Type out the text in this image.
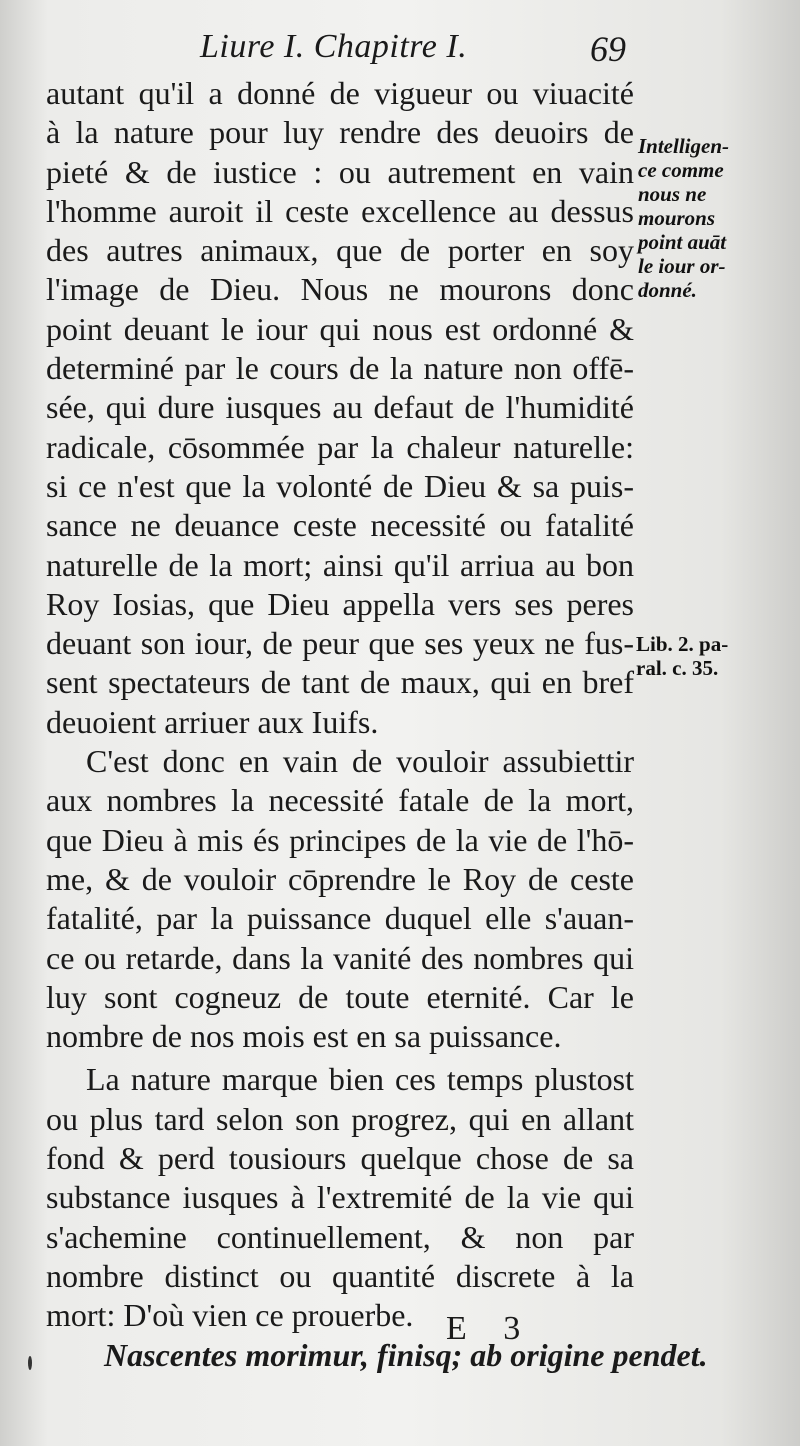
Liure I. Chapitre I.	69
autant qu'il a donné de vigueur ou viuacité
à la nature pour luy rendre des deuoirs de
pieté & de iustice : ou autrement en vain
l'homme auroit il ceste excellence au dessus
des autres animaux, que de porter en soy
l'image de Dieu. Nous ne mourons donc
point deuant le iour qui nous est ordonné &
determiné par le cours de la nature non offē-
sée, qui dure iusques au defaut de l'humidité
radicale, cōsommée par la chaleur naturelle:
si ce n'est que la volonté de Dieu & sa puis-
sance ne deuance ceste necessité ou fatalité
naturelle de la mort; ainsi qu'il arriua au bon
Roy Iosias, que Dieu appella vers ses peres
deuant son iour, de peur que ses yeux ne fus-
sent spectateurs de tant de maux, qui en bref
deuoient arriuer aux Iuifs.
C'est donc en vain de vouloir assubiettir
aux nombres la necessité fatale de la mort,
que Dieu à mis és principes de la vie de l'hō-
me, & de vouloir cōprendre le Roy de ceste
fatalité, par la puissance duquel elle s'auan-
ce ou retarde, dans la vanité des nombres qui
luy sont cogneuz de toute eternité. Car le
nombre de nos mois est en sa puissance.
La nature marque bien ces temps plustost
ou plus tard selon son progrez, qui en allant
fond & perd tousiours quelque chose de sa
substance iusques à l'extremité de la vie qui
s'achemine continuellement, & non par
nombre distinct ou quantité discrete à la
mort: D'où vien ce prouerbe.
Nascentes morimur, finisq; ab origine pendet.
Intelligen-
ce comme
nous ne
mourons
point auāt
le iour or-
donné.
Lib. 2. pa-
ral. c. 35.
E 3
